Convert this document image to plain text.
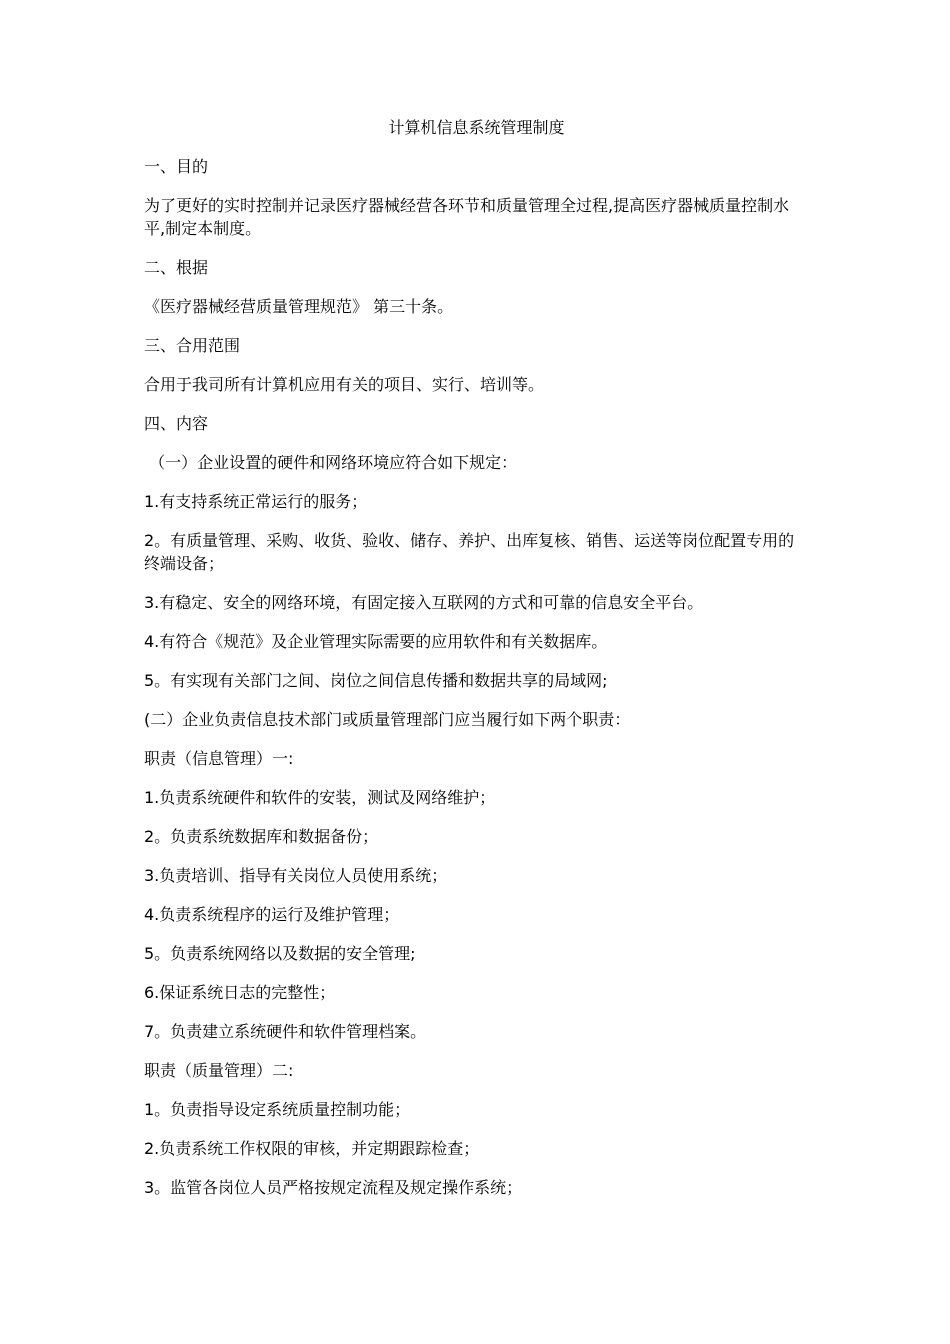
计算机信息系统管理制度

一、目的

为了更好的实时控制并记录医疗器械经营各环节和质量管理全过程,提高医疗器械质量控制水平,制定本制度。

二、根据

《医疗器械经营质量管理规范》 第三十条。

三、合用范围

合用于我司所有计算机应用有关的项目、实行、培训等。

四、内容

（一）企业设置的硬件和网络环境应符合如下规定：

1.有支持系统正常运行的服务；

2。有质量管理、采购、收货、验收、储存、养护、出库复核、销售、运送等岗位配置专用的终端设备；

3.有稳定、安全的网络环境，有固定接入互联网的方式和可靠的信息安全平台。

4.有符合《规范》及企业管理实际需要的应用软件和有关数据库。

5。有实现有关部门之间、岗位之间信息传播和数据共享的局域网;

(二）企业负责信息技术部门或质量管理部门应当履行如下两个职责：

职责（信息管理）一:

1.负责系统硬件和软件的安装，测试及网络维护；

2。负责系统数据库和数据备份；

3.负责培训、指导有关岗位人员使用系统；

4.负责系统程序的运行及维护管理；

5。负责系统网络以及数据的安全管理;

6.保证系统日志的完整性；

7。负责建立系统硬件和软件管理档案。

职责（质量管理）二:

1。负责指导设定系统质量控制功能；

2.负责系统工作权限的审核，并定期跟踪检查；

3。监管各岗位人员严格按规定流程及规定操作系统；
